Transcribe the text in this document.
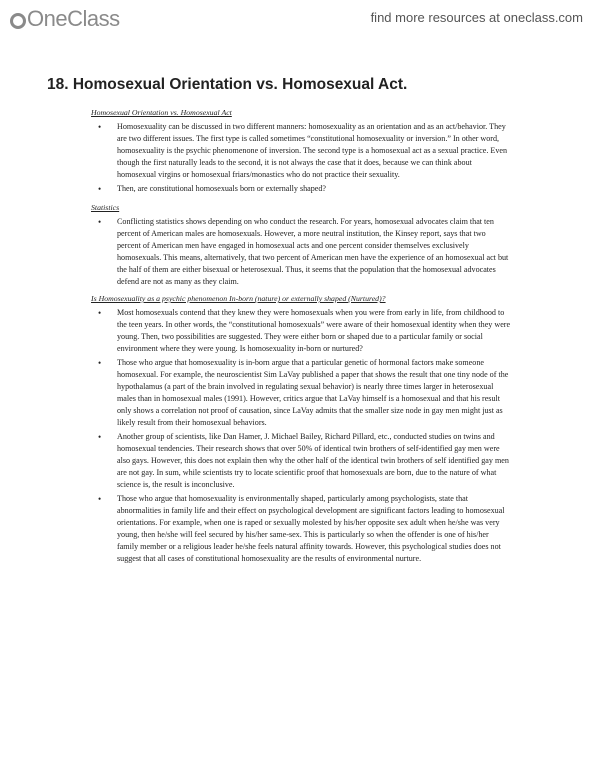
OneClass	find more resources at oneclass.com
18. Homosexual Orientation vs. Homosexual Act.
Homosexual Orientation vs. Homosexual Act
• Homosexuality can be discussed in two different manners: homosexuality as an orientation and as an act/behavior. They are two different issues. The first type is called sometimes “constitutional homosexuality or inversion.” In other word, homosexuality is the psychic phenomenone of inversion. The second type is a homosexual act as a sexual practice. Even though the first naturally leads to the second, it is not always the case that it does, because we can think about homosexual virgins or homosexual friars/monastics who do not practice their sexuality.
• Then, are constitutional homosexuals born or externally shaped?
Statistics
• Conflicting statistics shows depending on who conduct the research. For years, homosexual advocates claim that ten percent of American males are homosexuals. However, a more neutral institution, the Kinsey report, says that two percent of American men have engaged in homosexual acts and one percent consider themselves exclusively homosexuals. This means, alternatively, that two percent of American men have the experience of an homosexual act but the half of them are either bisexual or heterosexual. Thus, it seems that the population that the homosexual advocates defend are not as many as they claim.
Is Homosexuality as a psychic phenomenon In-born (nature) or externally shaped (Nurtured)?
• Most homosexuals contend that they knew they were homosexuals when you were from early in life, from childhood to the teen years. In other words, the “constitutional homosexuals” were aware of their homosexual identity when they were young. Then, two possibilities are suggested. They were either born or shaped due to a particular family or social environment where they were young. Is homosexuality in-born or nurtured?
• Those who argue that homosexuality is in-born argue that a particular genetic of hormonal factors make someone homosexual. For example, the neuroscientist Sim LaVay published a paper that shows the result that one tiny node of the hypothalamus (a part of the brain involved in regulating sexual behavior) is nearly three times larger in heterosexual males than in homosexual males (1991). However, critics argue that LaVay himself is a homosexual and that his result only shows a correlation not proof of causation, since LaVay admits that the smaller size node in gay men might just as likely result from their homosexual behaviors.
• Another group of scientists, like Dan Hamer, J. Michael Bailey, Richard Pillard, etc., conducted studies on twins and homosexual tendencies. Their research shows that over 50% of identical twin brothers of self-identified gay men were also gays. However, this does not explain then why the other half of the identical twin brothers of self identified gay men are not gay. In sum, while scientists try to locate scientific proof that homosexuals are born, due to the nature of what science is, the result is inconclusive.
• Those who argue that homosexuality is environmentally shaped, particularly among psychologists, state that abnormalities in family life and their effect on psychological development are significant factors leading to homosexual orientations. For example, when one is raped or sexually molested by his/her opposite sex adult when he/she was very young, then he/she will feel secured by his/her same-sex. This is particularly so when the offender is one of his/her family member or a religious leader he/she feels natural affinity towards. However, this psychological studies does not suggest that all cases of constitutional homosexuality are the results of environmental nurture.
